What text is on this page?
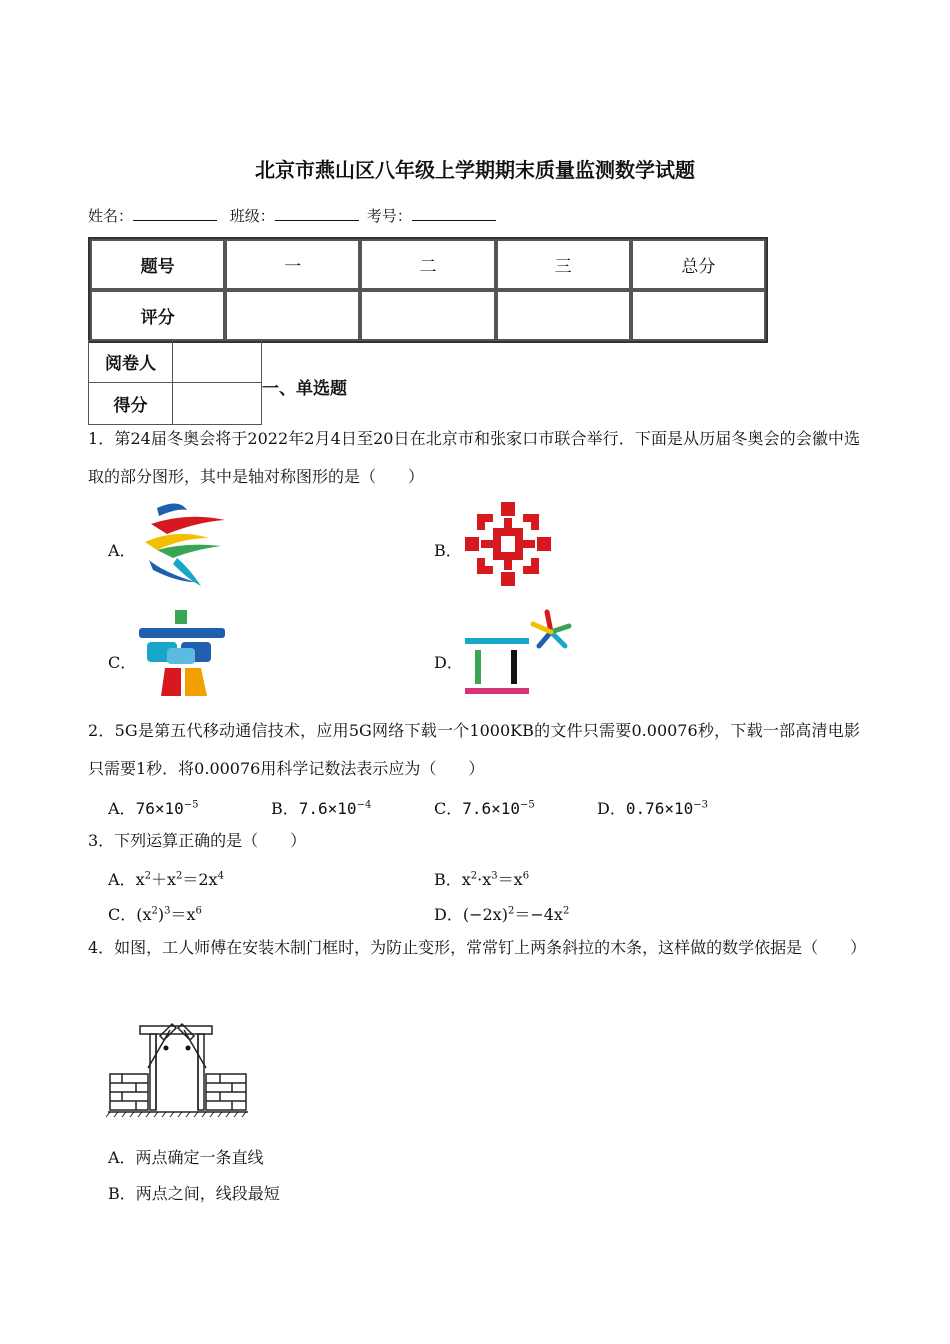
北京市燕山区八年级上学期期末质量监测数学试题
姓名：	班级：	考号：
题号	一	二	三	总分
评分				
阅卷人	
得分	
一、单选题
1．第24届冬奥会将于2022年2月4日至20日在北京市和张家口市联合举行．下面是从历届冬奥会的会徽中选取的部分图形，其中是轴对称图形的是（　　）
A．	B．
C．	D．
2．5G是第五代移动通信技术，应用5G网络下载一个1000KB的文件只需要0.00076秒，下载一部高清电影只需要1秒．将0.00076用科学记数法表示应为（　　）
A．$76\times 10^{-5}$	B．$7.6\times 10^{-4}$	C．$7.6\times 10^{-5}$	D．$0.76\times 10^{-3}$
3．下列运算正确的是（　　）
A．$x^2+x^2=2x^4$	B．$x^2\cdot x^3=x^6$
C．$(x^2)^3=x^6$	D．$(-2x)^2=-4x^2$
4．如图，工人师傅在安装木制门框时，为防止变形，常常钉上两条斜拉的木条，这样做的数学依据是（　　）
A．两点确定一条直线
B．两点之间，线段最短
